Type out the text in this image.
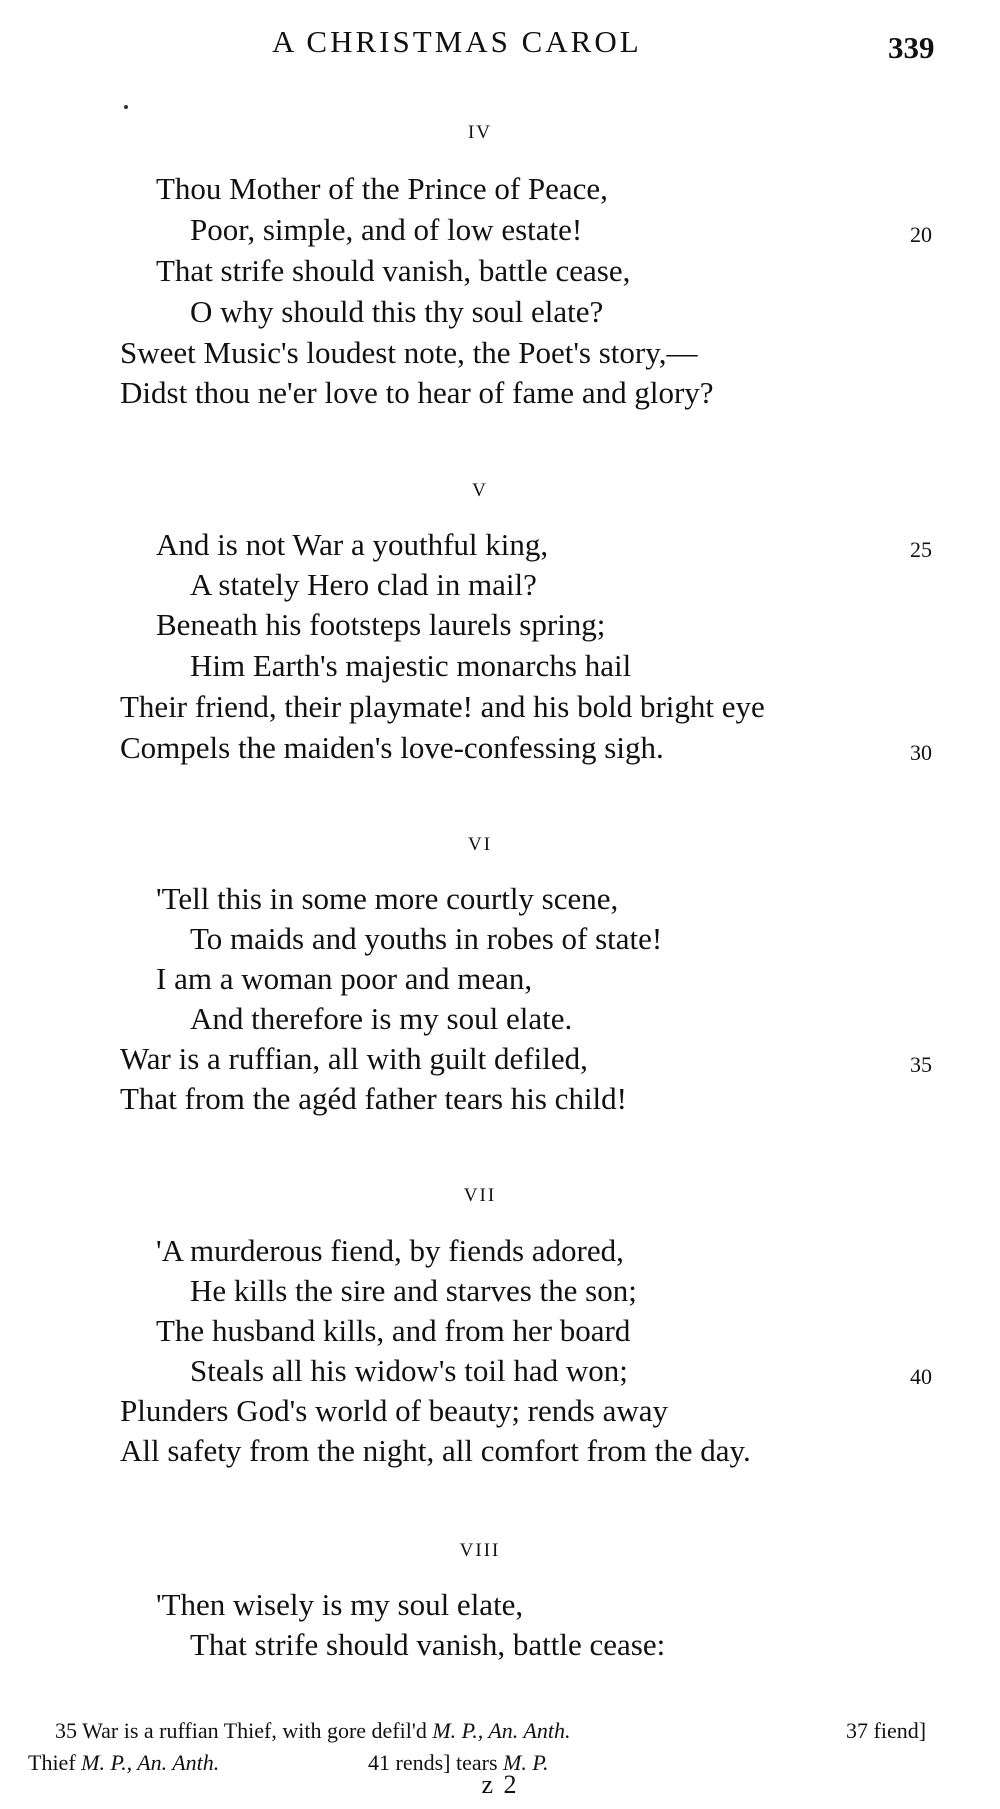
A CHRISTMAS CAROL	339
IV
Thou Mother of the Prince of Peace,
Poor, simple, and of low estate!	20
That strife should vanish, battle cease,
O why should this thy soul elate?
Sweet Music's loudest note, the Poet's story,—
Didst thou ne'er love to hear of fame and glory?
V
And is not War a youthful king,	25
A stately Hero clad in mail?
Beneath his footsteps laurels spring;
Him Earth's majestic monarchs hail
Their friend, their playmate! and his bold bright eye
Compels the maiden's love-confessing sigh.	30
VI
'Tell this in some more courtly scene,
To maids and youths in robes of state!
I am a woman poor and mean,
And therefore is my soul elate.
War is a ruffian, all with guilt defiled,	35
That from the agéd father tears his child!
VII
'A murderous fiend, by fiends adored,
He kills the sire and starves the son;
The husband kills, and from her board
Steals all his widow's toil had won;	40
Plunders God's world of beauty; rends away
All safety from the night, all comfort from the day.
VIII
'Then wisely is my soul elate,
That strife should vanish, battle cease:
35 War is a ruffian Thief, with gore defil'd M. P., An. Anth.	37 fiend]
Thief M. P., An. Anth.	41 rends] tears M. P.
z 2
